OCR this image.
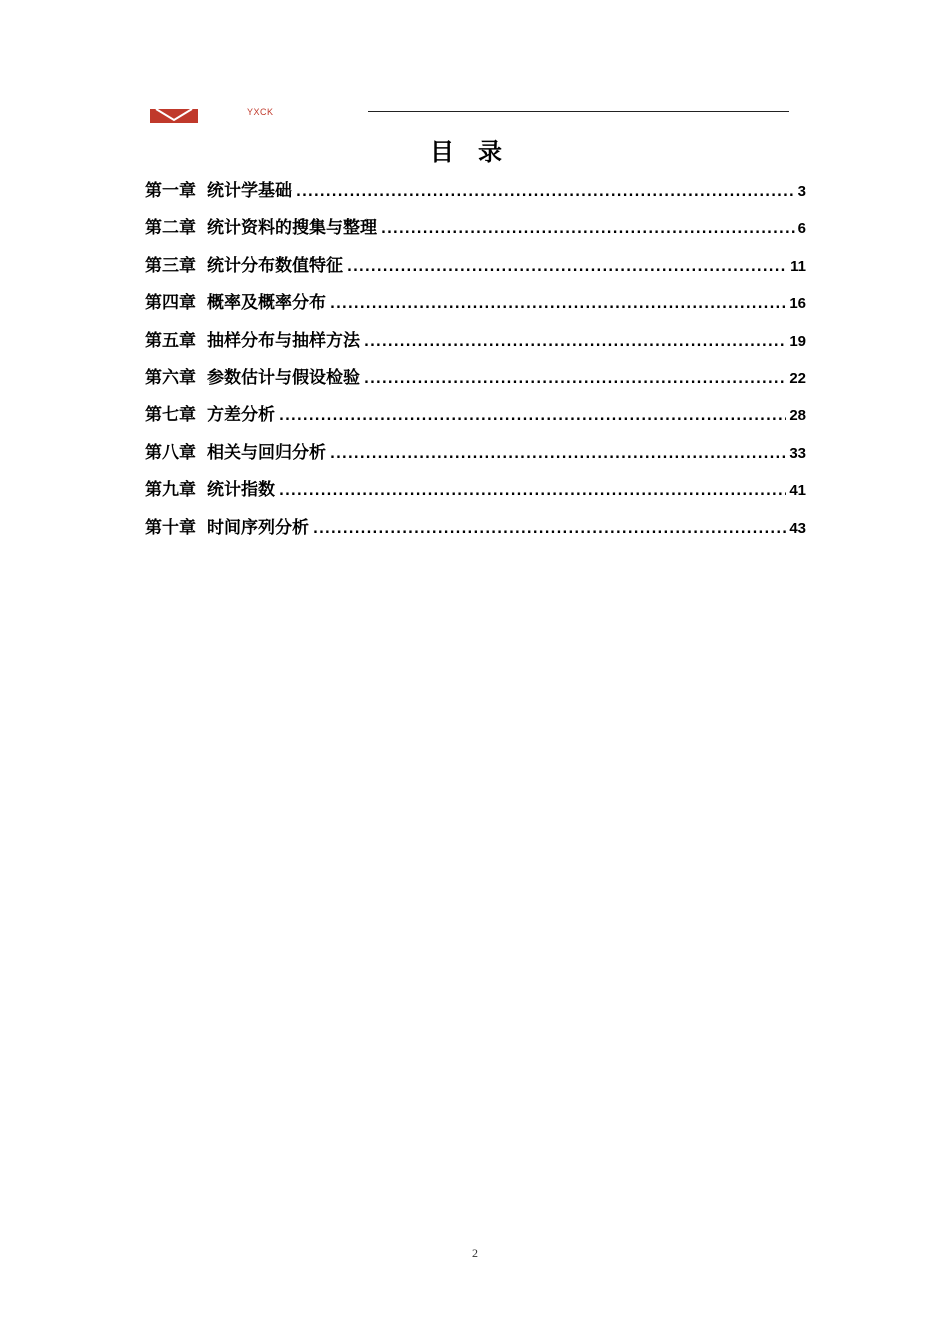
YXCK
目录
第一章 统计学基础 .....	3
第二章 统计资料的搜集与整理 .....	6
第三章 统计分布数值特征 .....	11
第四章 概率及概率分布 .....	16
第五章 抽样分布与抽样方法 .....	19
第六章 参数估计与假设检验 .....	22
第七章 方差分析 .....	28
第八章 相关与回归分析 .....	33
第九章 统计指数 .....	41
第十章 时间序列分析 .....	43
2
